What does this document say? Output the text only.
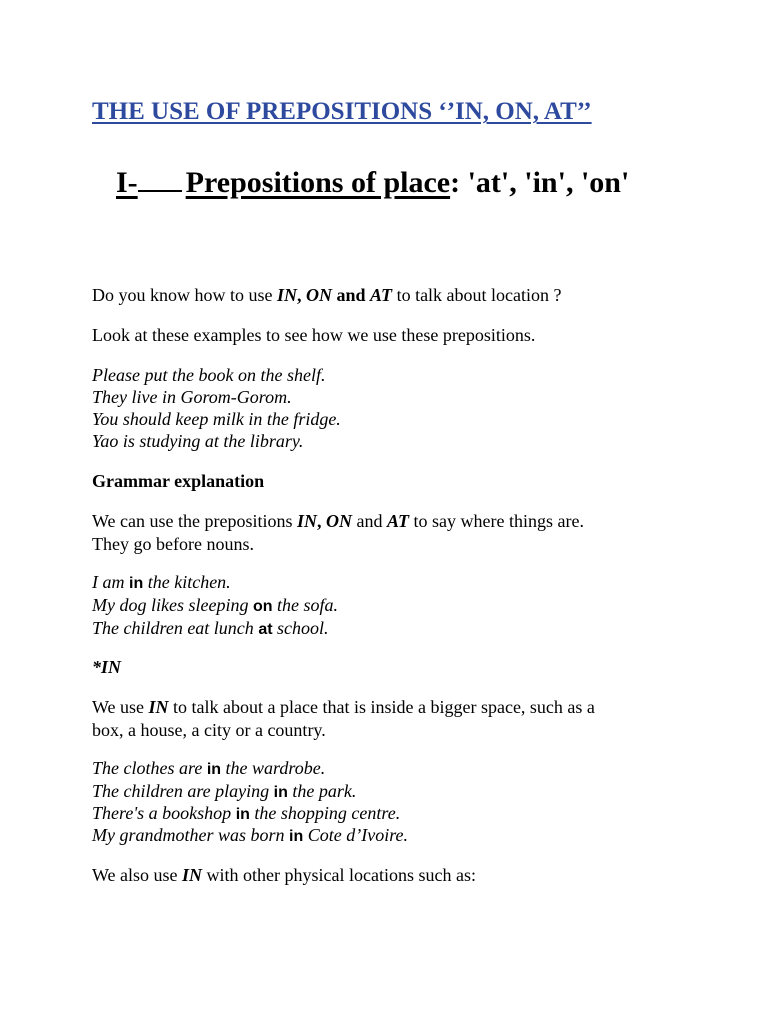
THE USE OF PREPOSITIONS ‘’IN, ON, AT’’
I- Prepositions of place: 'at', 'in', 'on'

Do you know how to use IN, ON and AT to talk about location ?

Look at these examples to see how we use these prepositions.

Please put the book on the shelf.

They live in Gorom-Gorom.

You should keep milk in the fridge.

Yao is studying at the library.

Grammar explanation

We can use the prepositions IN, ON and AT to say where things are.

They go before nouns.

I am in the kitchen.

My dog likes sleeping on the sofa.

The children eat lunch at school.

*IN

We use IN to talk about a place that is inside a bigger space, such as a

box, a house, a city or a country.

The clothes are in the wardrobe.

The children are playing in the park.

There's a bookshop in the shopping centre.

My grandmother was born in Cote d’Ivoire.

We also use IN with other physical locations such as:
